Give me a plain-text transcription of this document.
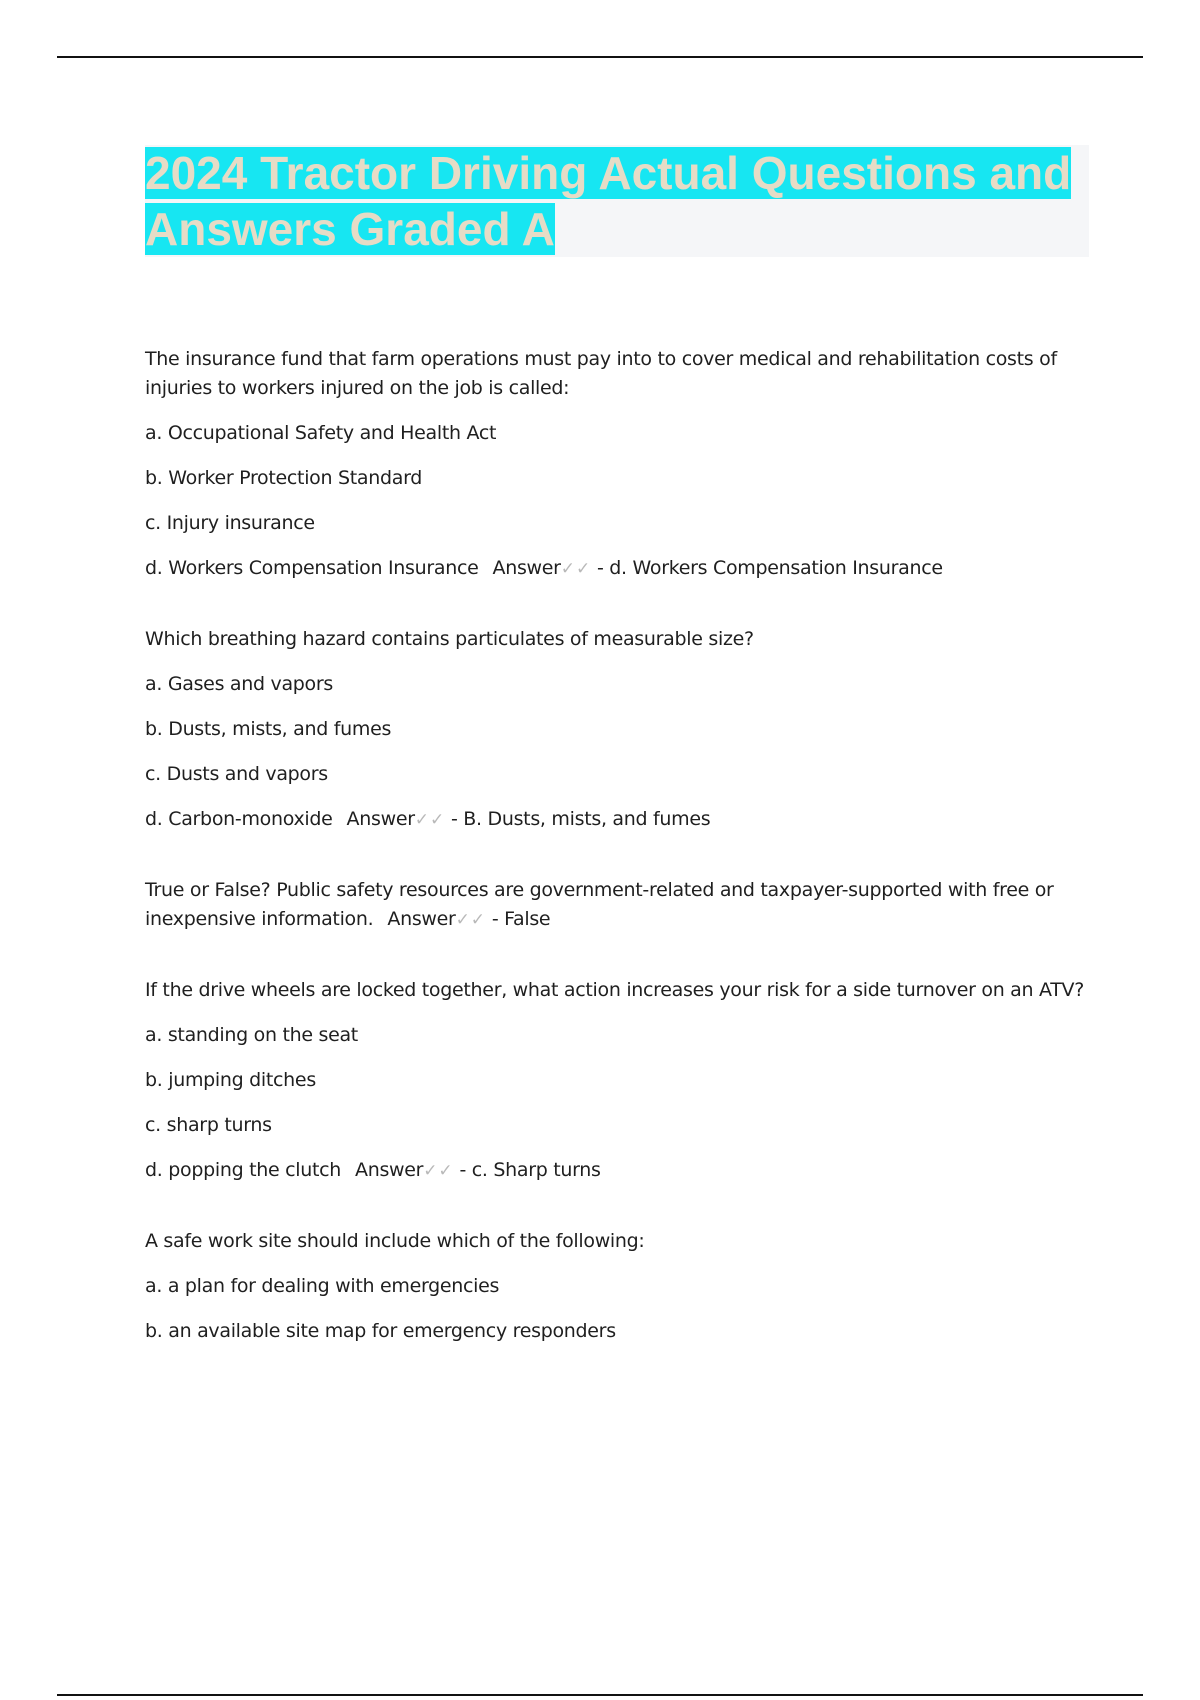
2024 Tractor Driving Actual Questions and Answers Graded A

The insurance fund that farm operations must pay into to cover medical and rehabilitation costs of injuries to workers injured on the job is called:

a. Occupational Safety and Health Act

b. Worker Protection Standard

c. Injury insurance

d. Workers Compensation Insurance Answer✓✓ - d. Workers Compensation Insurance

Which breathing hazard contains particulates of measurable size?

a. Gases and vapors

b. Dusts, mists, and fumes

c. Dusts and vapors

d. Carbon-monoxide Answer✓✓ - B. Dusts, mists, and fumes

True or False? Public safety resources are government-related and taxpayer-supported with free or inexpensive information. Answer✓✓ - False

If the drive wheels are locked together, what action increases your risk for a side turnover on an ATV?

a. standing on the seat

b. jumping ditches

c. sharp turns

d. popping the clutch Answer✓✓ - c. Sharp turns

A safe work site should include which of the following:

a. a plan for dealing with emergencies

b. an available site map for emergency responders
